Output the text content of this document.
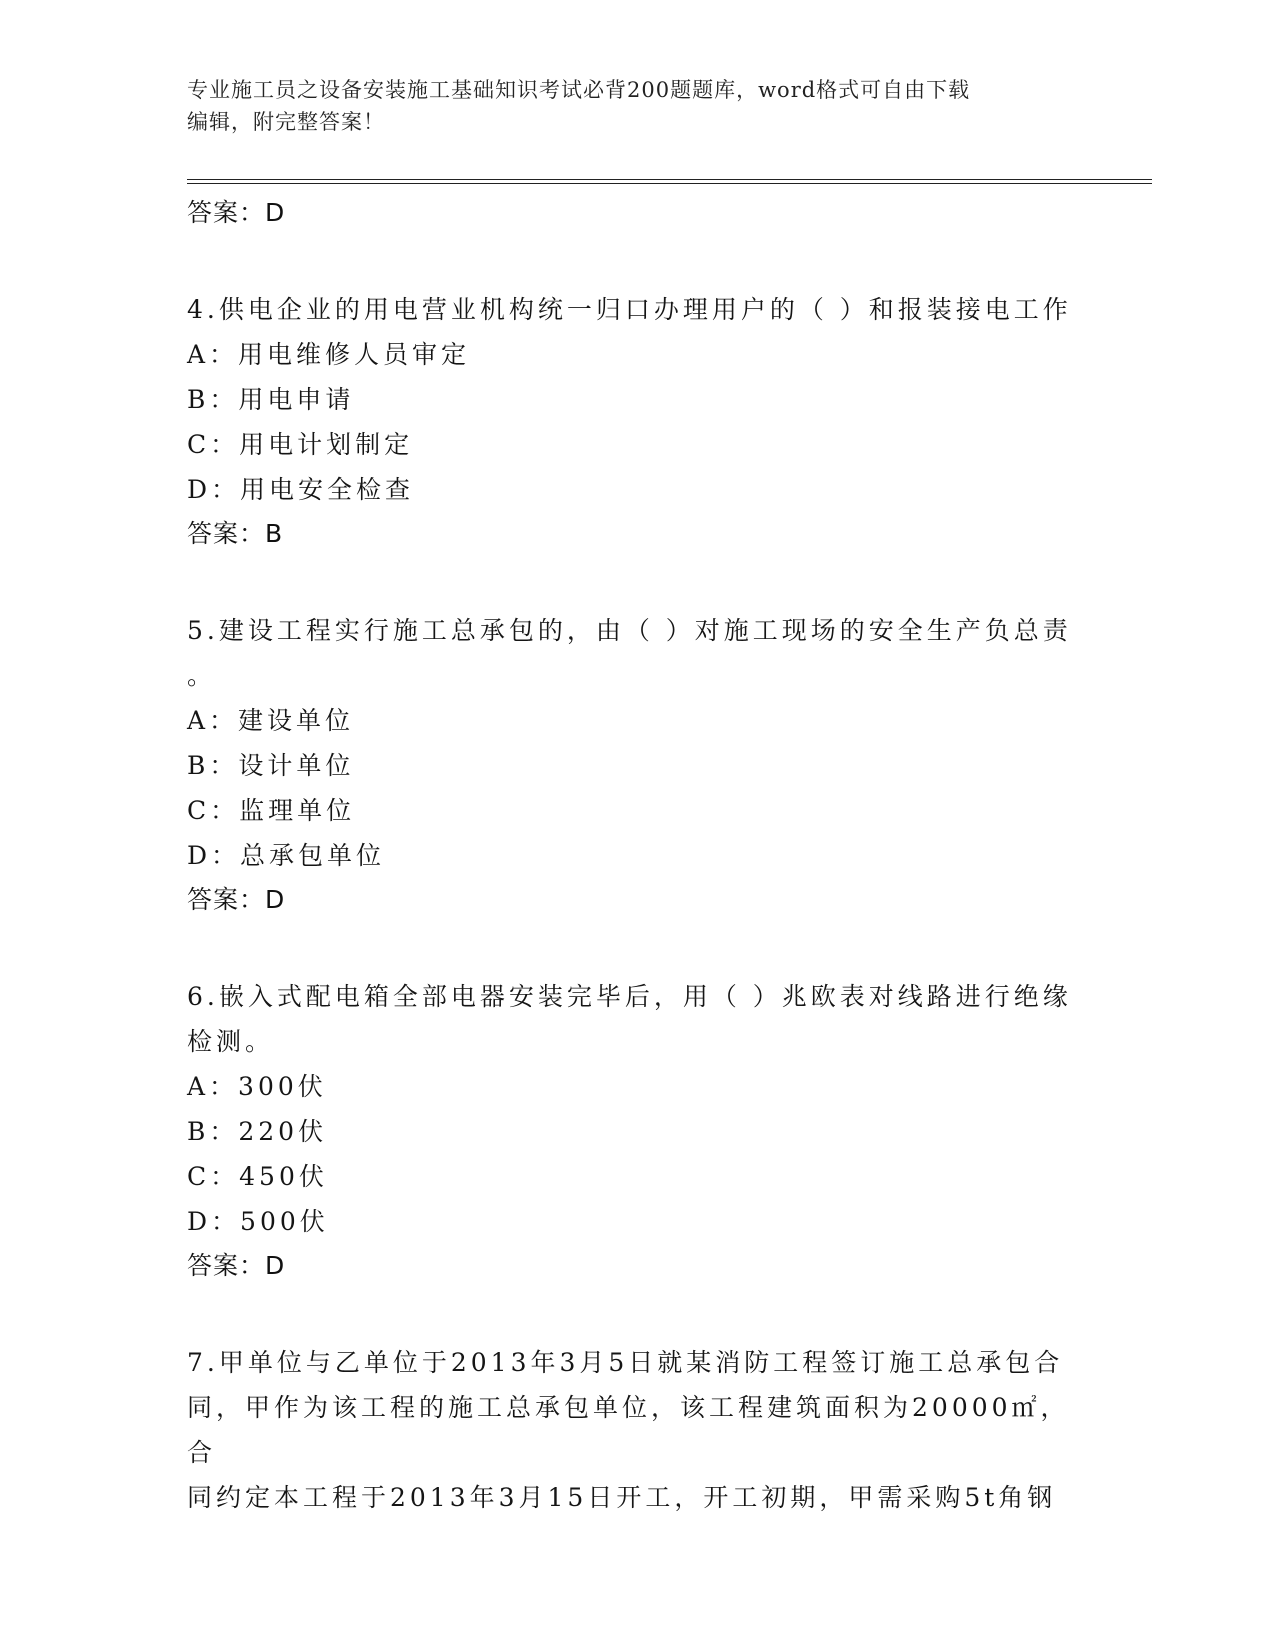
专业施工员之设备安装施工基础知识考试必背200题题库，word格式可自由下载
编辑，附完整答案！
答案：D
4.供电企业的用电营业机构统一归口办理用户的（ ）和报装接电工作
A：用电维修人员审定
B：用电申请
C：用电计划制定
D：用电安全检查
答案：B
5.建设工程实行施工总承包的，由（ ）对施工现场的安全生产负总责
。
A：建设单位
B：设计单位
C：监理单位
D：总承包单位
答案：D
6.嵌入式配电箱全部电器安装完毕后，用（ ）兆欧表对线路进行绝缘
检测。
A：300伏
B：220伏
C：450伏
D：500伏
答案：D
7.甲单位与乙单位于2013年3月5日就某消防工程签订施工总承包合
同，甲作为该工程的施工总承包单位，该工程建筑面积为20000㎡，合
同约定本工程于2013年3月15日开工，开工初期，甲需采购5t角钢
